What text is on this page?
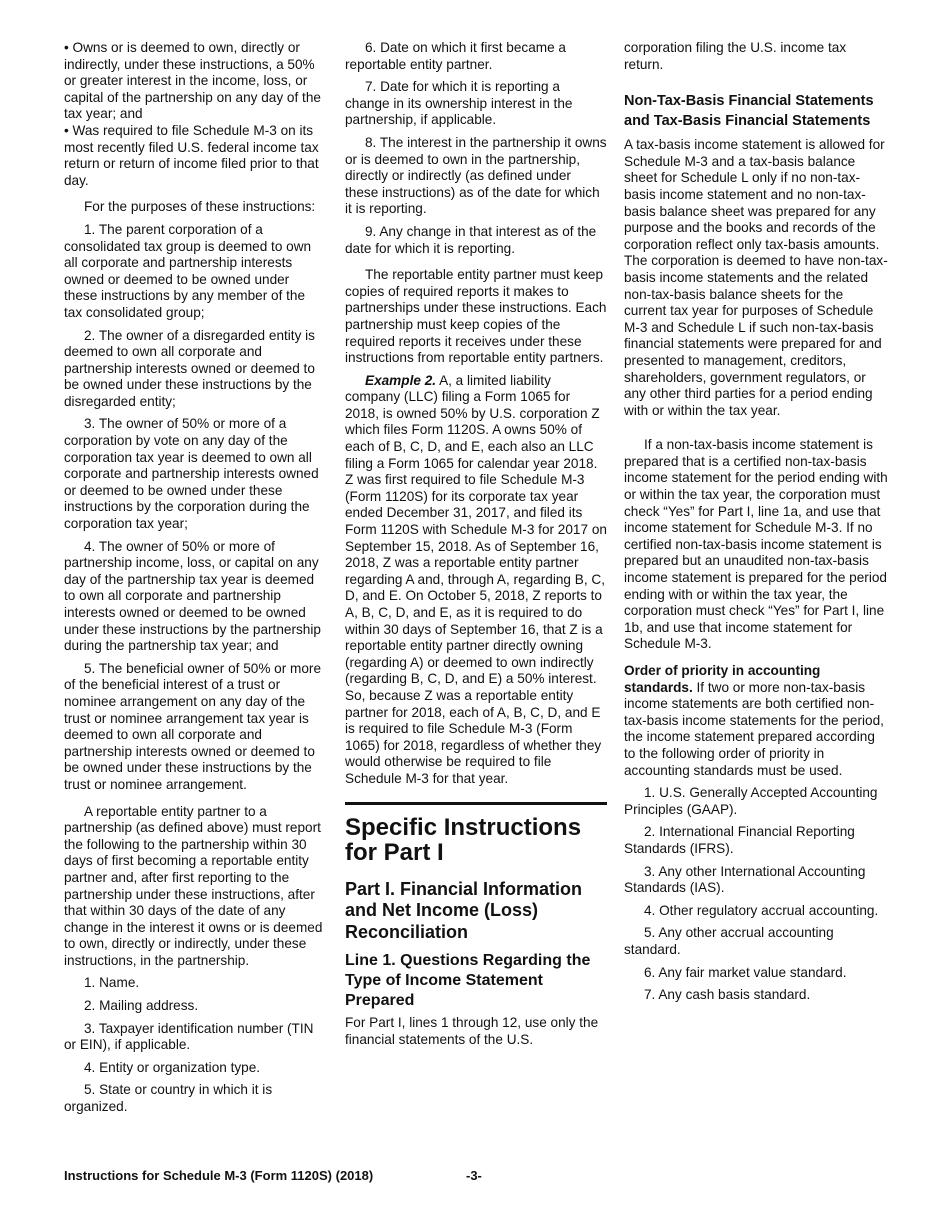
• Owns or is deemed to own, directly or indirectly, under these instructions, a 50% or greater interest in the income, loss, or capital of the partnership on any day of the tax year; and

• Was required to file Schedule M-3 on its most recently filed U.S. federal income tax return or return of income filed prior to that day.

For the purposes of these instructions:

1. The parent corporation of a consolidated tax group is deemed to own all corporate and partnership interests owned or deemed to be owned under these instructions by any member of the tax consolidated group;

2. The owner of a disregarded entity is deemed to own all corporate and partnership interests owned or deemed to be owned under these instructions by the disregarded entity;

3. The owner of 50% or more of a corporation by vote on any day of the corporation tax year is deemed to own all corporate and partnership interests owned or deemed to be owned under these instructions by the corporation during the corporation tax year;

4. The owner of 50% or more of partnership income, loss, or capital on any day of the partnership tax year is deemed to own all corporate and partnership interests owned or deemed to be owned under these instructions by the partnership during the partnership tax year; and

5. The beneficial owner of 50% or more of the beneficial interest of a trust or nominee arrangement on any day of the trust or nominee arrangement tax year is deemed to own all corporate and partnership interests owned or deemed to be owned under these instructions by the trust or nominee arrangement.

A reportable entity partner to a partnership (as defined above) must report the following to the partnership within 30 days of first becoming a reportable entity partner and, after first reporting to the partnership under these instructions, after that within 30 days of the date of any change in the interest it owns or is deemed to own, directly or indirectly, under these instructions, in the partnership.

1. Name.

2. Mailing address.

3. Taxpayer identification number (TIN or EIN), if applicable.

4. Entity or organization type.

5. State or country in which it is organized.

6. Date on which it first became a reportable entity partner.

7. Date for which it is reporting a change in its ownership interest in the partnership, if applicable.

8. The interest in the partnership it owns or is deemed to own in the partnership, directly or indirectly (as defined under these instructions) as of the date for which it is reporting.

9. Any change in that interest as of the date for which it is reporting.

The reportable entity partner must keep copies of required reports it makes to partnerships under these instructions. Each partnership must keep copies of the required reports it receives under these instructions from reportable entity partners.

Example 2. A, a limited liability company (LLC) filing a Form 1065 for 2018, is owned 50% by U.S. corporation Z which files Form 1120S. A owns 50% of each of B, C, D, and E, each also an LLC filing a Form 1065 for calendar year 2018. Z was first required to file Schedule M-3 (Form 1120S) for its corporate tax year ended December 31, 2017, and filed its Form 1120S with Schedule M-3 for 2017 on September 15, 2018. As of September 16, 2018, Z was a reportable entity partner regarding A and, through A, regarding B, C, D, and E. On October 5, 2018, Z reports to A, B, C, D, and E, as it is required to do within 30 days of September 16, that Z is a reportable entity partner directly owning (regarding A) or deemed to own indirectly (regarding B, C, D, and E) a 50% interest. So, because Z was a reportable entity partner for 2018, each of A, B, C, D, and E is required to file Schedule M-3 (Form 1065) for 2018, regardless of whether they would otherwise be required to file Schedule M-3 for that year.

Specific Instructions for Part I
Part I. Financial Information and Net Income (Loss) Reconciliation
Line 1. Questions Regarding the Type of Income Statement Prepared

For Part I, lines 1 through 12, use only the financial statements of the U.S.

corporation filing the U.S. income tax return.

Non-Tax-Basis Financial Statements and Tax-Basis Financial Statements

A tax-basis income statement is allowed for Schedule M-3 and a tax-basis balance sheet for Schedule L only if no non-tax-basis income statement and no non-tax-basis balance sheet was prepared for any purpose and the books and records of the corporation reflect only tax-basis amounts. The corporation is deemed to have non-tax-basis income statements and the related non-tax-basis balance sheets for the current tax year for purposes of Schedule M-3 and Schedule L if such non-tax-basis financial statements were prepared for and presented to management, creditors, shareholders, government regulators, or any other third parties for a period ending with or within the tax year.

If a non-tax-basis income statement is prepared that is a certified non-tax-basis income statement for the period ending with or within the tax year, the corporation must check “Yes” for Part I, line 1a, and use that income statement for Schedule M-3. If no certified non-tax-basis income statement is prepared but an unaudited non-tax-basis income statement is prepared for the period ending with or within the tax year, the corporation must check “Yes” for Part I, line 1b, and use that income statement for Schedule M-3.

Order of priority in accounting standards. If two or more non-tax-basis income statements are both certified non-tax-basis income statements for the period, the income statement prepared according to the following order of priority in accounting standards must be used.

1. U.S. Generally Accepted Accounting Principles (GAAP).

2. International Financial Reporting Standards (IFRS).

3. Any other International Accounting Standards (IAS).

4. Other regulatory accrual accounting.

5. Any other accrual accounting standard.

6. Any fair market value standard.

7. Any cash basis standard.

Instructions for Schedule M-3 (Form 1120S) (2018)	-3-
